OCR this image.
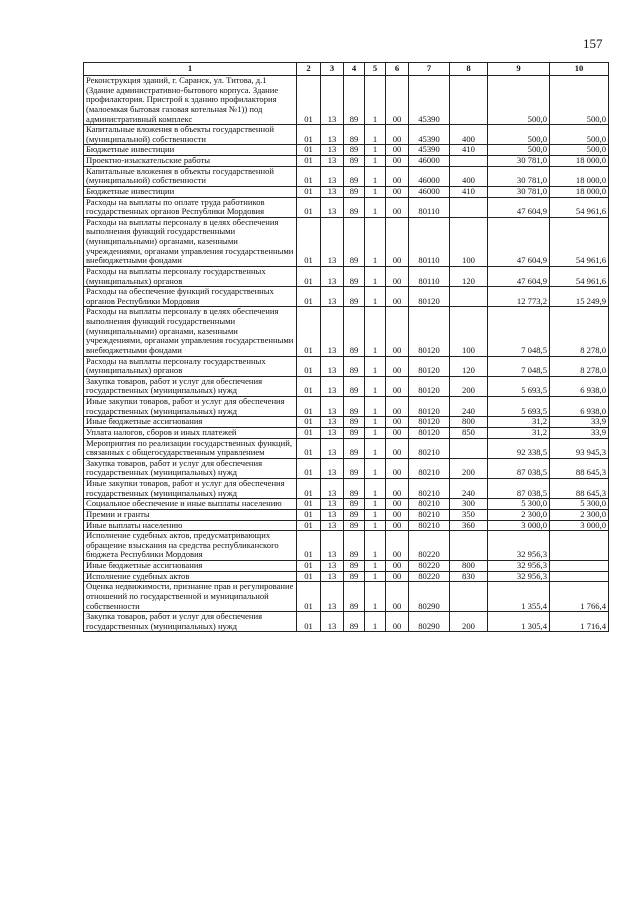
157
1	2	3	4	5	6	7	8	9	10
Реконструкция зданий, г. Саранск, ул. Титова, д.1 (Здание административно-бытового корпуса. Здание профилактория. Пристрой к зданию профилактория (малоемкая бытовая газовая котельная №1)) под административный комплекс	01	13	89	1	00	45390		500,0	500,0
Капитальные вложения в объекты государственной (муниципальной) собственности	01	13	89	1	00	45390	400	500,0	500,0
Бюджетные инвестиции	01	13	89	1	00	45390	410	500,0	500,0
Проектно-изыскательские работы	01	13	89	1	00	46000		30 781,0	18 000,0
Капитальные вложения в объекты государственной (муниципальной) собственности	01	13	89	1	00	46000	400	30 781,0	18 000,0
Бюджетные инвестиции	01	13	89	1	00	46000	410	30 781,0	18 000,0
Расходы на выплаты по оплате труда работников государственных органов Республики Мордовия	01	13	89	1	00	80110		47 604,9	54 961,6
Расходы на выплаты персоналу в целях обеспечения выполнения функций государственными (муниципальными) органами, казенными учреждениями, органами управления государственными внебюджетными фондами	01	13	89	1	00	80110	100	47 604,9	54 961,6
Расходы на выплаты персоналу государственных (муниципальных) органов	01	13	89	1	00	80110	120	47 604,9	54 961,6
Расходы на обеспечение функций государственных органов Республики Мордовия	01	13	89	1	00	80120		12 773,2	15 249,9
Расходы на выплаты персоналу в целях обеспечения выполнения функций государственными (муниципальными) органами, казенными учреждениями, органами управления государственными внебюджетными фондами	01	13	89	1	00	80120	100	7 048,5	8 278,0
Расходы на выплаты персоналу государственных (муниципальных) органов	01	13	89	1	00	80120	120	7 048,5	8 278,0
Закупка товаров, работ и услуг для обеспечения государственных (муниципальных) нужд	01	13	89	1	00	80120	200	5 693,5	6 938,0
Иные закупки товаров, работ и услуг для обеспечения государственных (муниципальных) нужд	01	13	89	1	00	80120	240	5 693,5	6 938,0
Иные бюджетные ассигнования	01	13	89	1	00	80120	800	31,2	33,9
Уплата налогов, сборов и иных платежей	01	13	89	1	00	80120	850	31,2	33,9
Мероприятия по реализации государственных функций, связанных с общегосударственным управлением	01	13	89	1	00	80210		92 338,5	93 945,3
Закупка товаров, работ и услуг для обеспечения государственных (муниципальных) нужд	01	13	89	1	00	80210	200	87 038,5	88 645,3
Иные закупки товаров, работ и услуг для обеспечения государственных (муниципальных) нужд	01	13	89	1	00	80210	240	87 038,5	88 645,3
Социальное обеспечение и иные выплаты населению	01	13	89	1	00	80210	300	5 300,0	5 300,0
Премии и гранты	01	13	89	1	00	80210	350	2 300,0	2 300,0
Иные выплаты населению	01	13	89	1	00	80210	360	3 000,0	3 000,0
Исполнение судебных актов, предусматривающих обращение взыскания на средства республиканского бюджета Республики Мордовия	01	13	89	1	00	80220		32 956,3	
Иные бюджетные ассигнования	01	13	89	1	00	80220	800	32 956,3	
Исполнение судебных актов	01	13	89	1	00	80220	830	32 956,3	
Оценка недвижимости, признание прав и регулирование отношений по государственной и муниципальной собственности	01	13	89	1	00	80290		1 355,4	1 766,4
Закупка товаров, работ и услуг для обеспечения государственных (муниципальных) нужд	01	13	89	1	00	80290	200	1 305,4	1 716,4
